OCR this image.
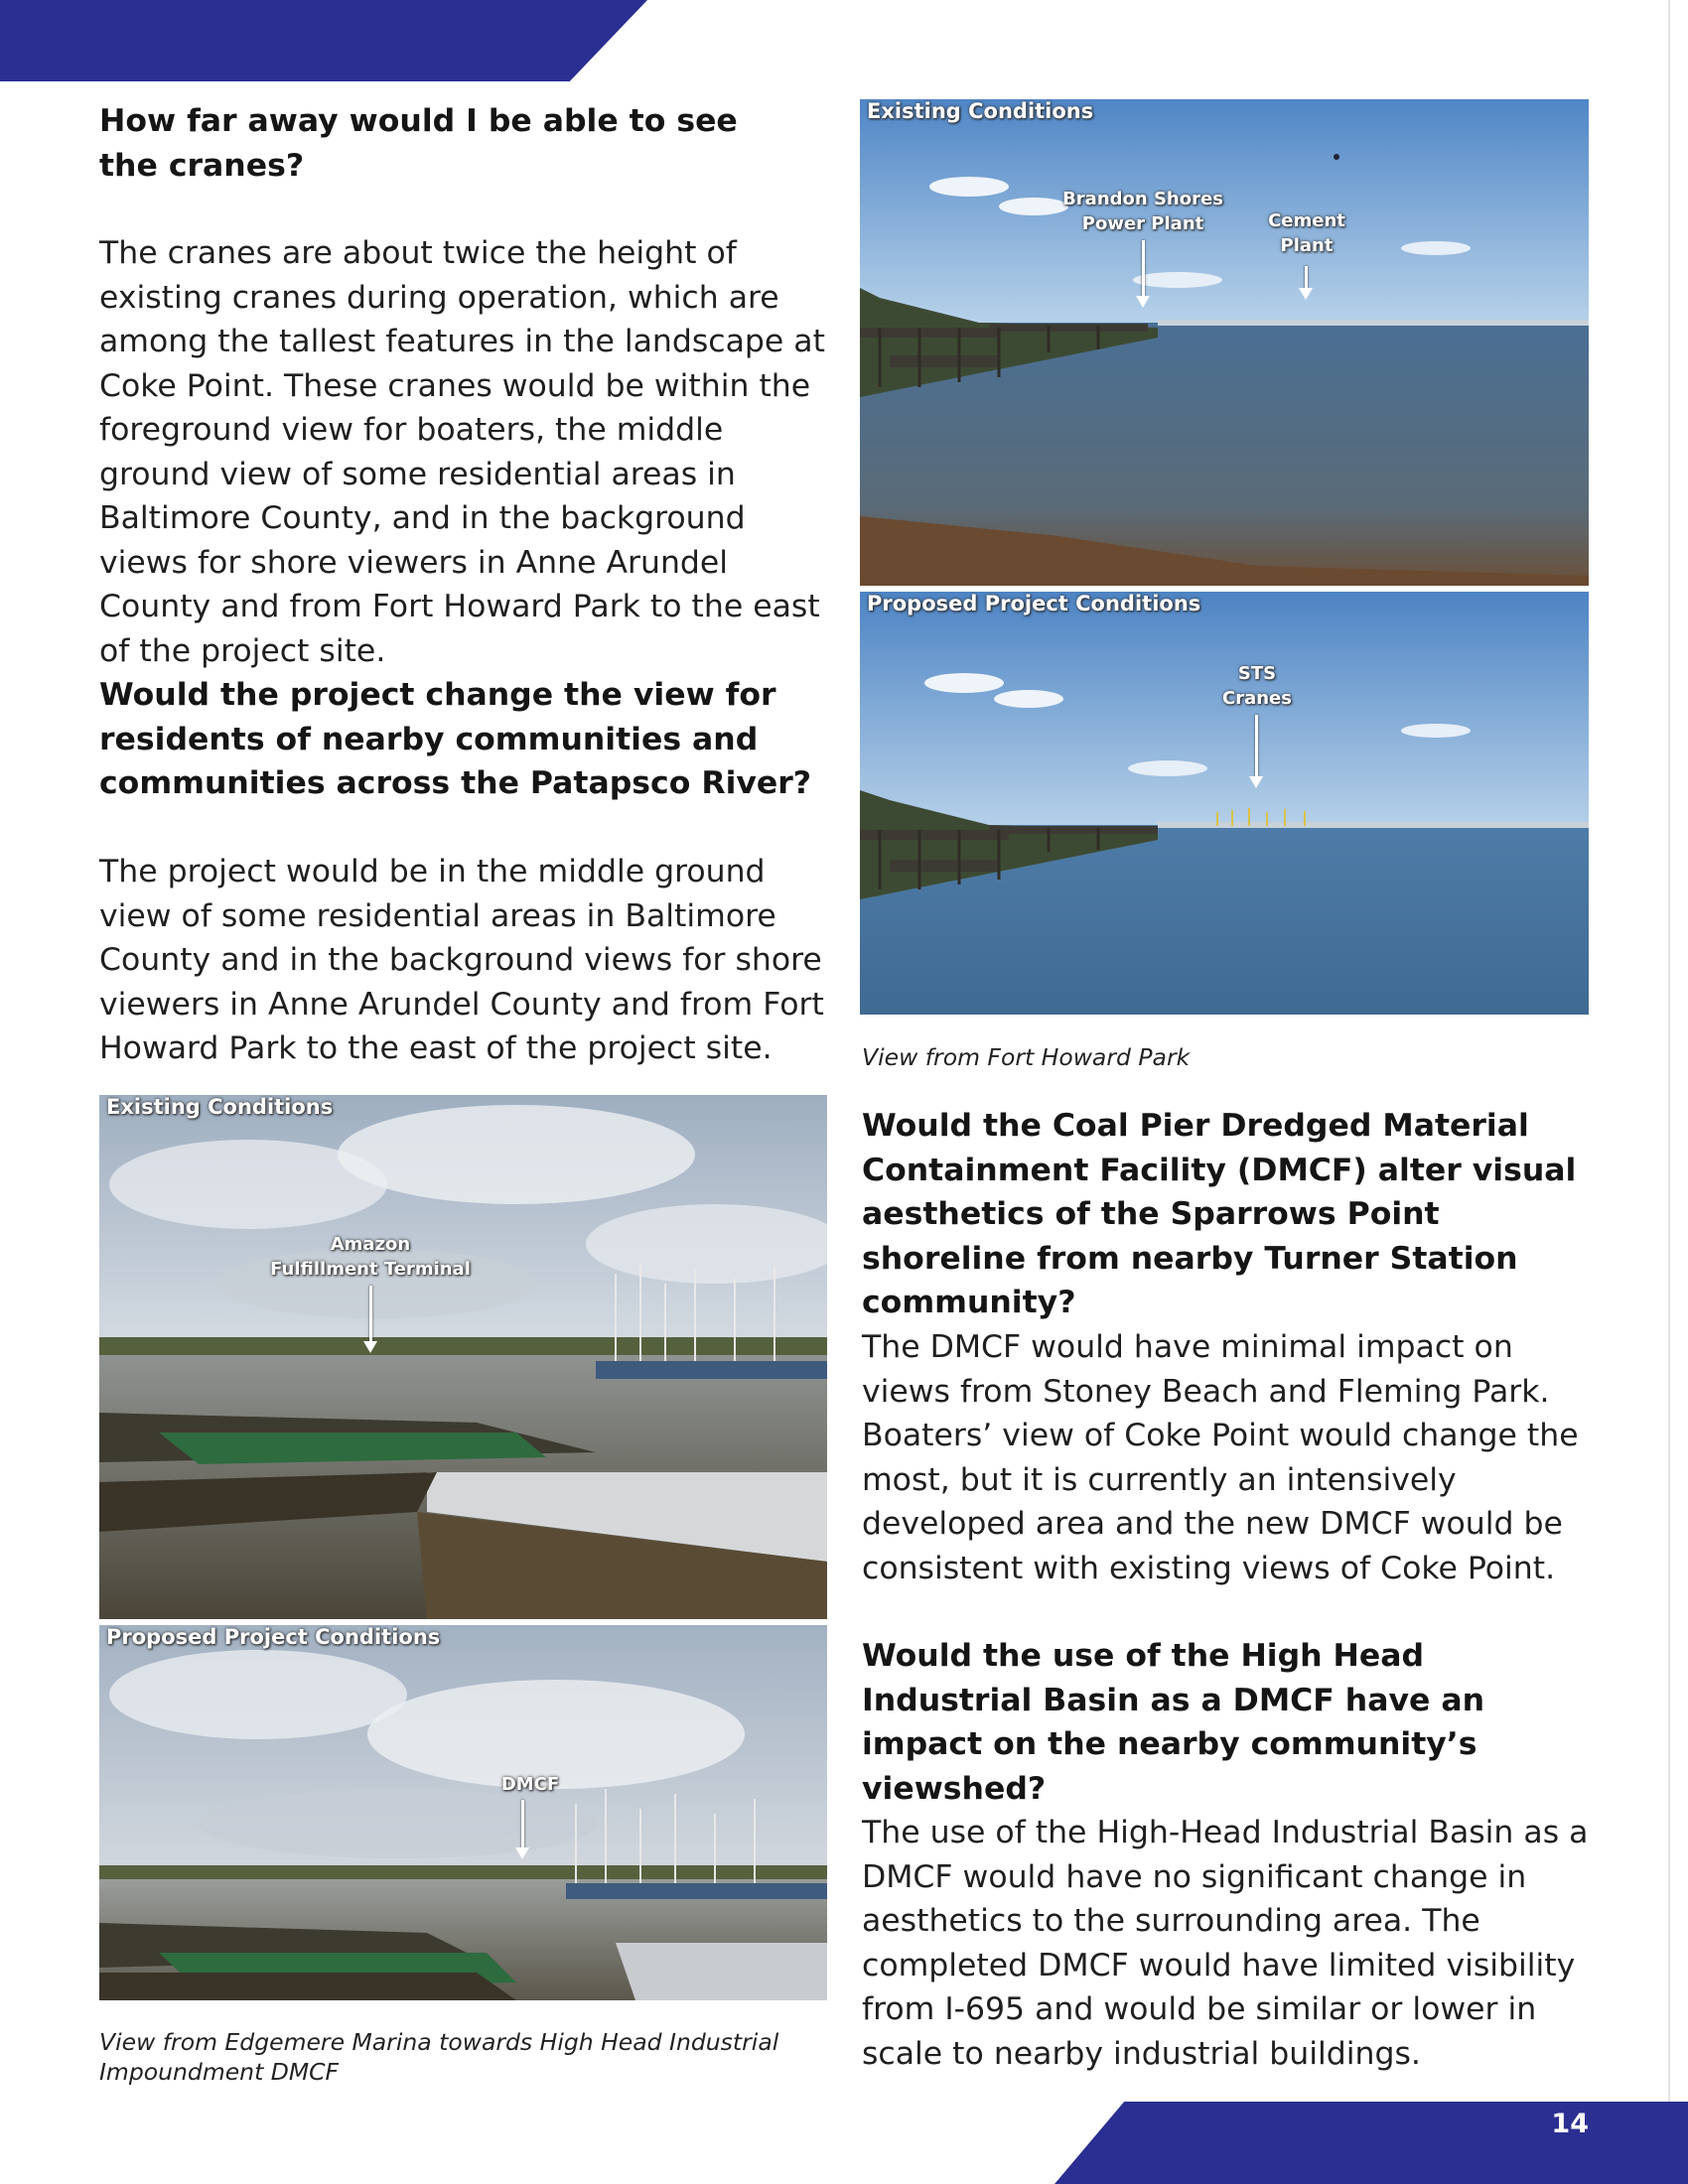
How far away would I be able to see the cranes?

The cranes are about twice the height of existing cranes during operation, which are among the tallest features in the landscape at Coke Point. These cranes would be within the foreground view for boaters, the middle ground view of some residential areas in Baltimore County, and in the background views for shore viewers in Anne Arundel County and from Fort Howard Park to the east of the project site.

Would the project change the view for residents of nearby communities and communities across the Patapsco River?

The project would be in the middle ground view of some residential areas in Baltimore County and in the background views for shore viewers in Anne Arundel County and from Fort Howard Park to the east of the project site.

Existing Conditions
Amazon
Fulfillment Terminal
Proposed Project Conditions
DMCF

View from Edgemere Marina towards High Head Industrial Impoundment DMCF

Existing Conditions
Brandon Shores
Power Plant	Cement
Plant
Proposed Project Conditions
STS
Cranes

View from Fort Howard Park

Would the Coal Pier Dredged Material Containment Facility (DMCF) alter visual aesthetics of the Sparrows Point shoreline from nearby Turner Station community?

The DMCF would have minimal impact on views from Stoney Beach and Fleming Park. Boaters’ view of Coke Point would change the most, but it is currently an intensively developed area and the new DMCF would be consistent with existing views of Coke Point.

Would the use of the High Head Industrial Basin as a DMCF have an impact on the nearby community’s viewshed?

The use of the High-Head Industrial Basin as a DMCF would have no significant change in aesthetics to the surrounding area. The completed DMCF would have limited visibility from I-695 and would be similar or lower in scale to nearby industrial buildings.

14
